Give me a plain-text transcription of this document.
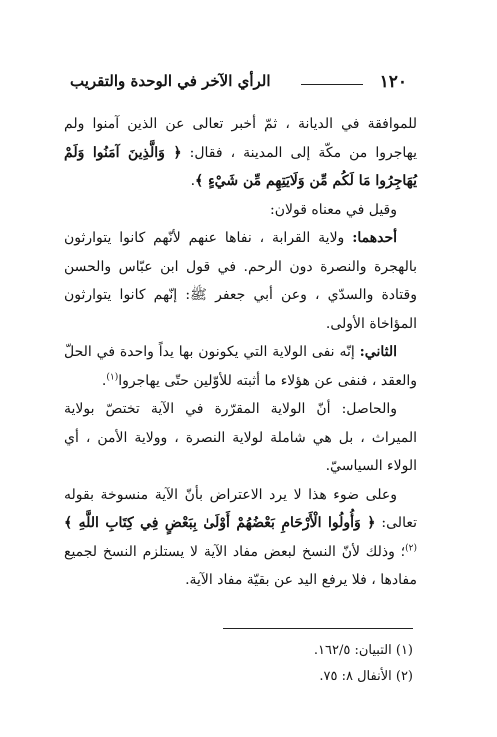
١٢٠
الرأي الآخر في الوحدة والتقريب

للموافقة في الديانة ، ثمّ أخبر تعالى عن الذين آمنوا ولم يهاجروا من مكّة إلى المدينة ، فقال: ﴿ وَالَّذِينَ آمَنُوا وَلَمْ يُهَاجِرُوا مَا لَكُم مِّن وَلَايَتِهِم مِّن شَيْءٍ ﴾.

وقيل في معناه قولان:

أحدهما: ولاية القرابة ، نفاها عنهم لأنّهم كانوا يتوارثون بالهجرة والنصرة دون الرحم. في قول ابن عبّاس والحسن وقتادة والسدّي ، وعن أبي جعفر ﷺ: إنّهم كانوا يتوارثون المؤاخاة الأولى.

الثاني: إنّه نفى الولاية التي يكونون بها يداً واحدة في الحلّ والعقد ، فنفى عن هؤلاء ما أثبته للأوّلين حتّى يهاجروا$^{(١)}$.

والحاصل: أنّ الولاية المقرّرة في الآية تختصّ بولاية الميراث ، بل هي شاملة لولاية النصرة ، وولاية الأمن ، أي الولاء السياسيّ.

وعلى ضوء هذا لا يرد الاعتراض بأنّ الآية منسوخة بقوله تعالى: ﴿ وَأُولُوا الْأَرْحَامِ بَعْضُهُمْ أَوْلَىٰ بِبَعْضٍ فِي كِتَابِ اللَّهِ ﴾$^{(٢)}$؛ وذلك لأنّ النسخ لبعض مفاد الآية لا يستلزم النسخ لجميع مفادها ، فلا يرفع اليد عن بقيّة مفاد الآية.

(١) التبيان: ١٦٢/٥.
(٢) الأنفال ٨: ٧٥.
